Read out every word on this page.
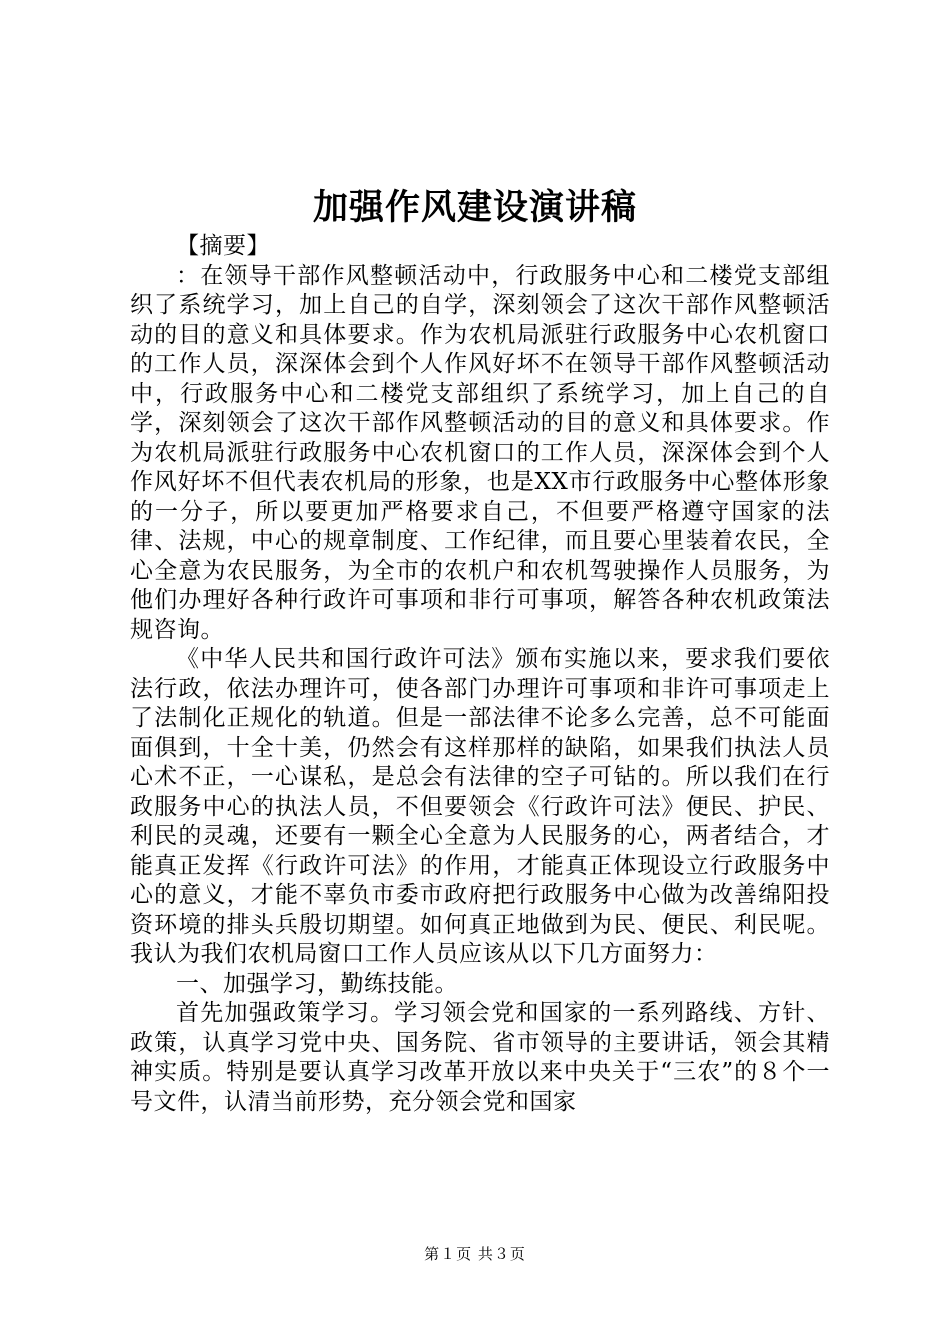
加强作风建设演讲稿

【摘要】

：在领导干部作风整顿活动中，行政服务中心和二楼党支部组织了系统学习，加上自己的自学，深刻领会了这次干部作风整顿活动的目的意义和具体要求。作为农机局派驻行政服务中心农机窗口的工作人员，深深体会到个人作风好坏不在领导干部作风整顿活动中，行政服务中心和二楼党支部组织了系统学习，加上自己的自学，深刻领会了这次干部作风整顿活动的目的意义和具体要求。作为农机局派驻行政服务中心农机窗口的工作人员，深深体会到个人作风好坏不但代表农机局的形象，也是XX市行政服务中心整体形象的一分子，所以要更加严格要求自己，不但要严格遵守国家的法律、法规，中心的规章制度、工作纪律，而且要心里装着农民，全心全意为农民服务，为全市的农机户和农机驾驶操作人员服务，为他们办理好各种行政许可事项和非行可事项，解答各种农机政策法规咨询。

《中华人民共和国行政许可法》颁布实施以来，要求我们要依法行政，依法办理许可，使各部门办理许可事项和非许可事项走上了法制化正规化的轨道。但是一部法律不论多么完善，总不可能面面俱到，十全十美，仍然会有这样那样的缺陷，如果我们执法人员心术不正，一心谋私，是总会有法律的空子可钻的。所以我们在行政服务中心的执法人员，不但要领会《行政许可法》便民、护民、利民的灵魂，还要有一颗全心全意为人民服务的心，两者结合，才能真正发挥《行政许可法》的作用，才能真正体现设立行政服务中心的意义，才能不辜负市委市政府把行政服务中心做为改善绵阳投资环境的排头兵殷切期望。如何真正地做到为民、便民、利民呢。我认为我们农机局窗口工作人员应该从以下几方面努力：

一、加强学习，勤练技能。

首先加强政策学习。学习领会党和国家的一系列路线、方针、政策，认真学习党中央、国务院、省市领导的主要讲话，领会其精神实质。特别是要认真学习改革开放以来中央关于“三农”的８个一号文件，认清当前形势，充分领会党和国家

第１页 共３页
